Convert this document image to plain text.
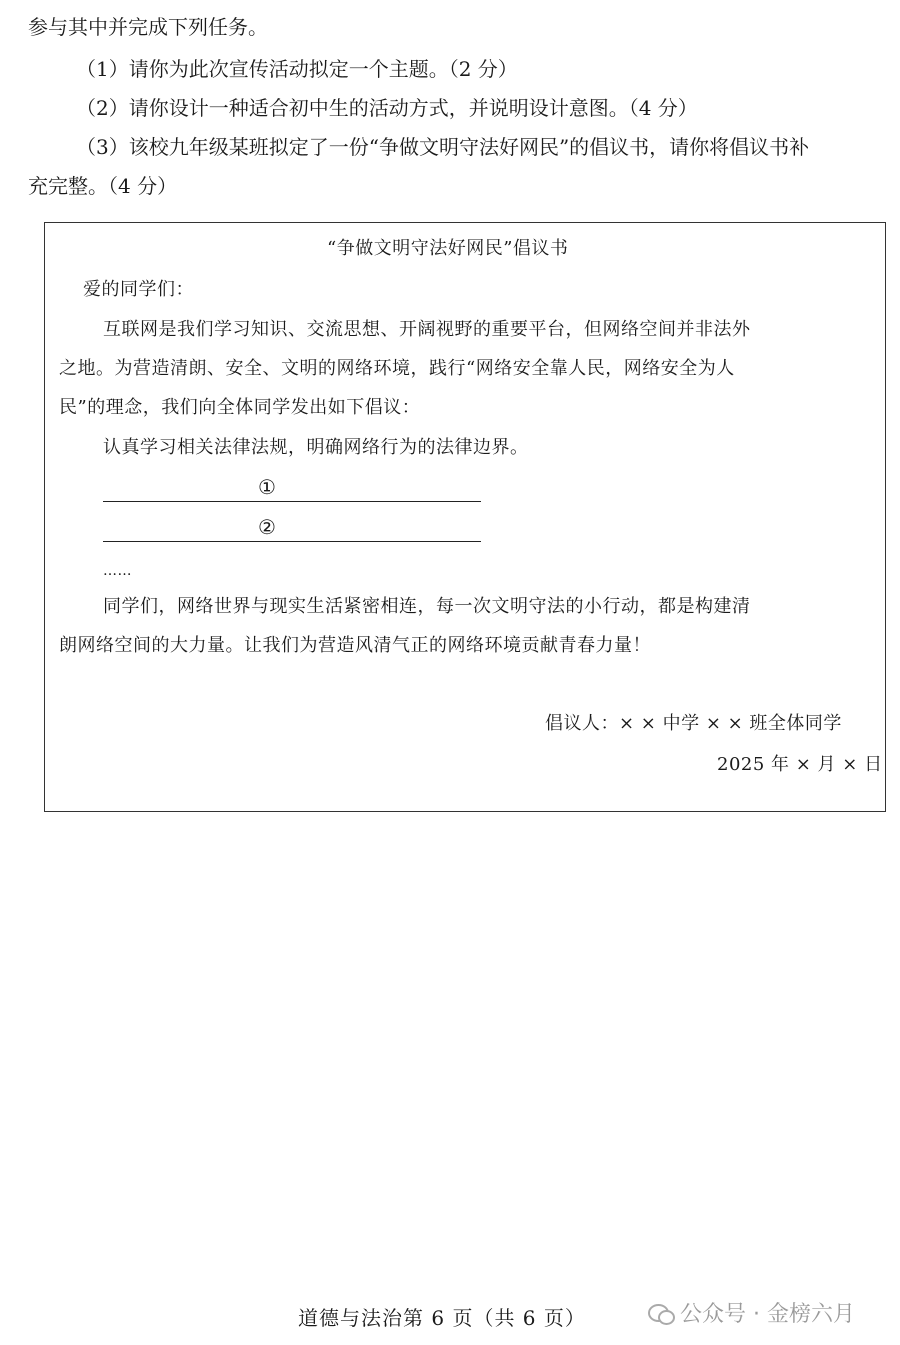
参与其中并完成下列任务。
（1）请你为此次宣传活动拟定一个主题。（2 分）
（2）请你设计一种适合初中生的活动方式，并说明设计意图。（4 分）
（3）该校九年级某班拟定了一份“争做文明守法好网民”的倡议书，请你将倡议书补
充完整。（4 分）
“争做文明守法好网民”倡议书
爱的同学们：
互联网是我们学习知识、交流思想、开阔视野的重要平台，但网络空间并非法外
之地。为营造清朗、安全、文明的网络环境，践行“网络安全靠人民，网络安全为人
民”的理念，我们向全体同学发出如下倡议：
认真学习相关法律法规，明确网络行为的法律边界。
①
②
……
同学们，网络世界与现实生活紧密相连，每一次文明守法的小行动，都是构建清
朗网络空间的大力量。让我们为营造风清气正的网络环境贡献青春力量！
倡议人：× × 中学 × × 班全体同学
2025 年 × 月 × 日
道德与法治第 6 页（共 6 页）	公众号 · 金榜六月
